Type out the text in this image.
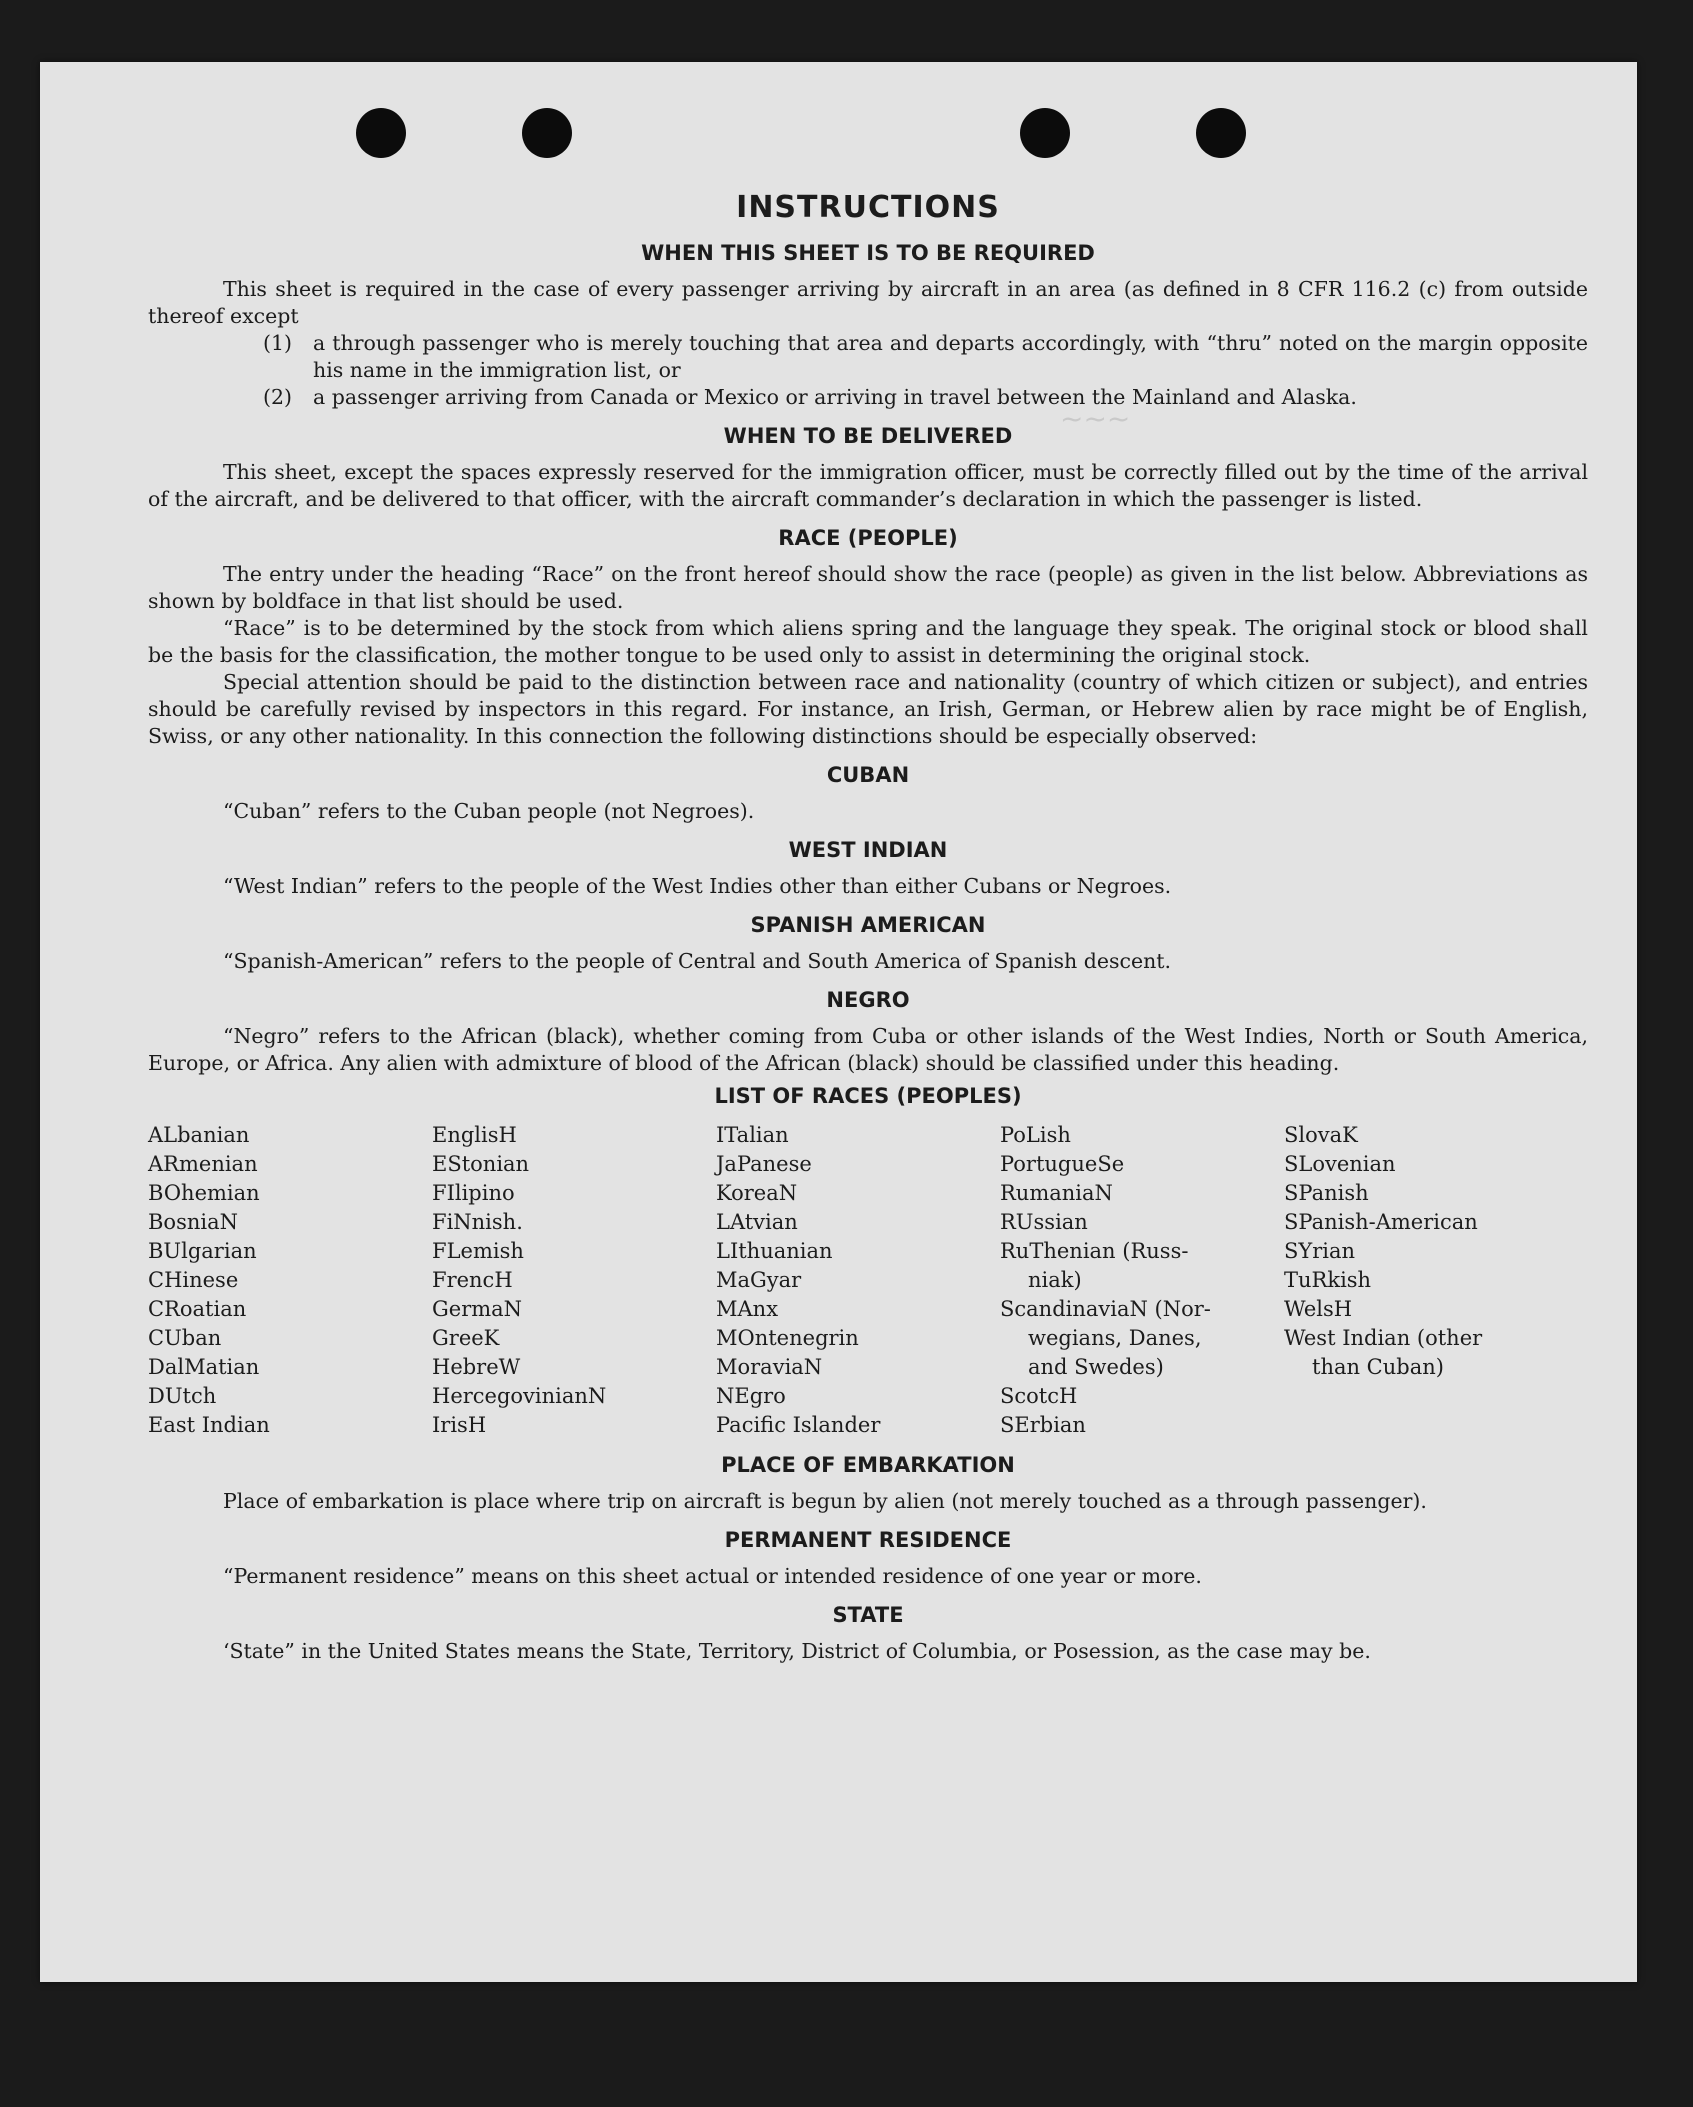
~~~
INSTRUCTIONS
WHEN THIS SHEET IS TO BE REQUIRED

This sheet is required in the case of every passenger arriving by aircraft in an area (as defined in 8 CFR 116.2 (c) from outside thereof except

(1)	a through passenger who is merely touching that area and departs accordingly, with “thru” noted on the margin opposite his name in the immigration list, or
(2)	a passenger arriving from Canada or Mexico or arriving in travel between the Mainland and Alaska.
WHEN TO BE DELIVERED

This sheet, except the spaces expressly reserved for the immigration officer, must be correctly filled out by the time of the arrival of the aircraft, and be delivered to that officer, with the aircraft commander’s declaration in which the passenger is listed.

RACE (PEOPLE)

The entry under the heading “Race” on the front hereof should show the race (people) as given in the list below. Abbreviations as shown by boldface in that list should be used.

“Race” is to be determined by the stock from which aliens spring and the language they speak. The original stock or blood shall be the basis for the classification, the mother tongue to be used only to assist in determining the original stock.

Special attention should be paid to the distinction between race and nationality (country of which citizen or subject), and entries should be carefully revised by inspectors in this regard. For instance, an Irish, German, or Hebrew alien by race might be of English, Swiss, or any other nationality. In this connection the following distinctions should be especially observed:

CUBAN

“Cuban” refers to the Cuban people (not Negroes).

WEST INDIAN

“West Indian” refers to the people of the West Indies other than either Cubans or Negroes.

SPANISH AMERICAN

“Spanish-American” refers to the people of Central and South America of Spanish descent.

NEGRO

“Negro” refers to the African (black), whether coming from Cuba or other islands of the West Indies, North or South America, Europe, or Africa. Any alien with admixture of blood of the African (black) should be classified under this heading.

LIST OF RACES (PEOPLES)
ALbanian
ARmenian
BOhemian
BosniaN
BUlgarian
CHinese
CRoatian
CUban
DalMatian
DUtch
East Indian
EnglisH
EStonian
FIlipino
FiNnish.
FLemish
FrencH
GermaN
GreeK
HebreW
HercegovinianN
IrisH
ITalian
JaPanese
KoreaN
LAtvian
LIthuanian
MaGyar
MAnx
MOntenegrin
MoraviaN
NEgro
Pacific Islander
PoLish
PortugueSe
RumaniaN
RUssian
RuThenian (Russ-
niak)
ScandinaviaN (Nor-
wegians, Danes,
and Swedes)
ScotcH
SErbian
SlovaK
SLovenian
SPanish
SPanish-American
SYrian
TuRkish
WelsH
West Indian (other
than Cuban)
PLACE OF EMBARKATION

Place of embarkation is place where trip on aircraft is begun by alien (not merely touched as a through passenger).

PERMANENT RESIDENCE

“Permanent residence” means on this sheet actual or intended residence of one year or more.

STATE

‘State” in the United States means the State, Territory, District of Columbia, or Posession, as the case may be.
